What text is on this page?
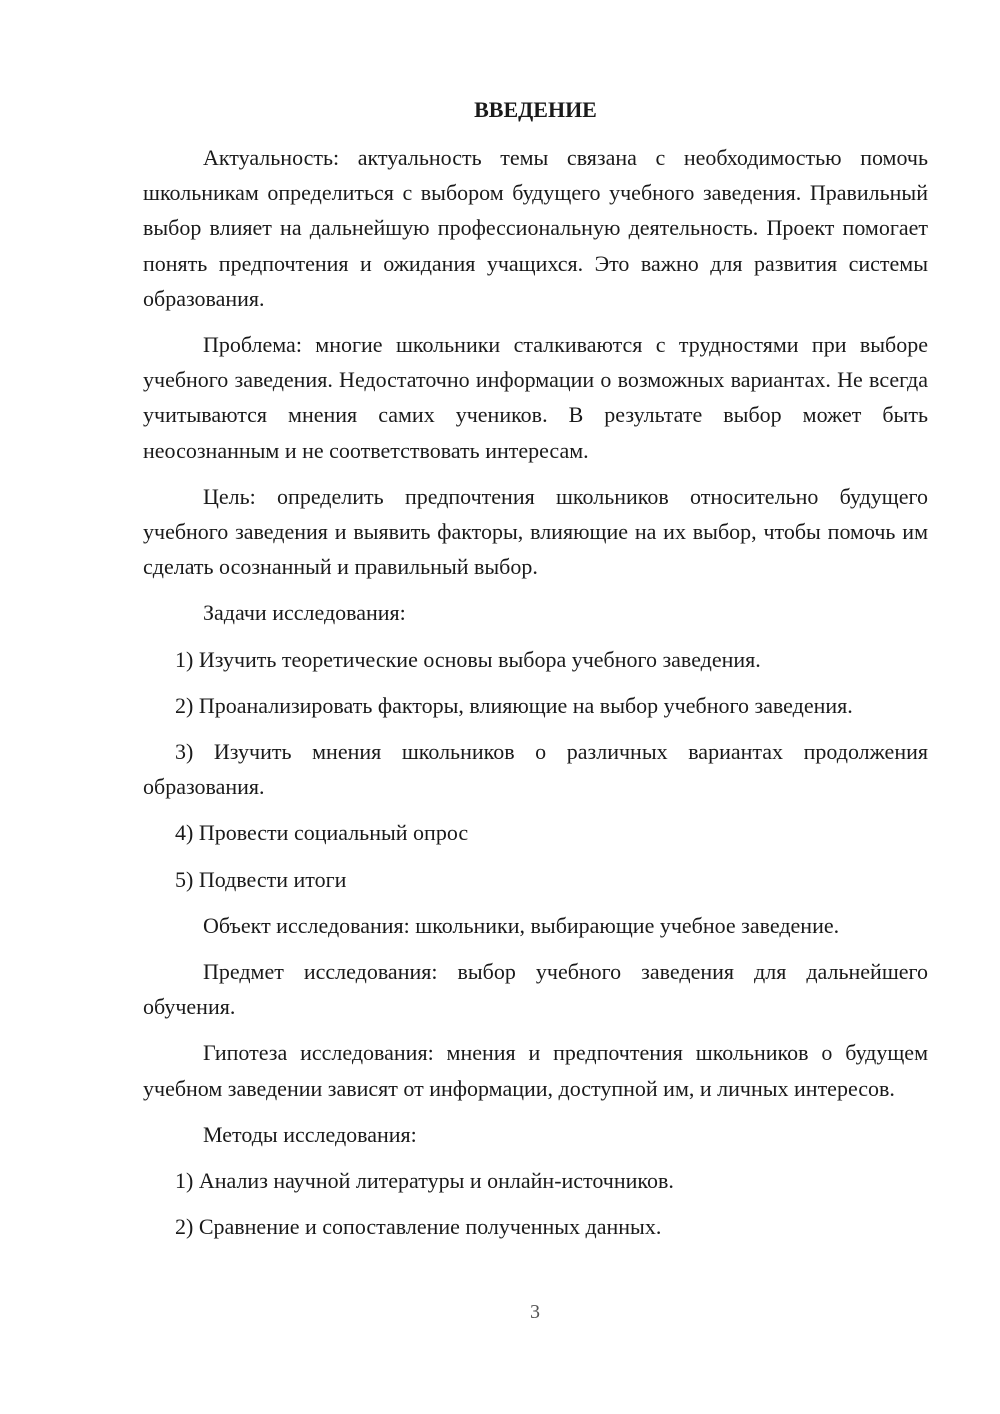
ВВЕДЕНИЕ

Актуальность: актуальность темы связана с необходимостью помочь школьникам определиться с выбором будущего учебного заведения. Правильный выбор влияет на дальнейшую профессиональную деятельность. Проект помогает понять предпочтения и ожидания учащихся. Это важно для развития системы образования.

Проблема: многие школьники сталкиваются с трудностями при выборе учебного заведения. Недостаточно информации о возможных вариантах. Не всегда учитываются мнения самих учеников. В результате выбор может быть неосознанным и не соответствовать интересам.

Цель: определить предпочтения школьников относительно будущего учебного заведения и выявить факторы, влияющие на их выбор, чтобы помочь им сделать осознанный и правильный выбор.

Задачи исследования:

1) Изучить теоретические основы выбора учебного заведения.

2) Проанализировать факторы, влияющие на выбор учебного заведения.

3) Изучить мнения школьников о различных вариантах продолжения образования.

4) Провести социальный опрос

5) Подвести итоги

Объект исследования: школьники, выбирающие учебное заведение.

Предмет исследования: выбор учебного заведения для дальнейшего обучения.

Гипотеза исследования: мнения и предпочтения школьников о будущем учебном заведении зависят от информации, доступной им, и личных интересов.

Методы исследования:

1) Анализ научной литературы и онлайн-источников.

2) Сравнение и сопоставление полученных данных.

3
